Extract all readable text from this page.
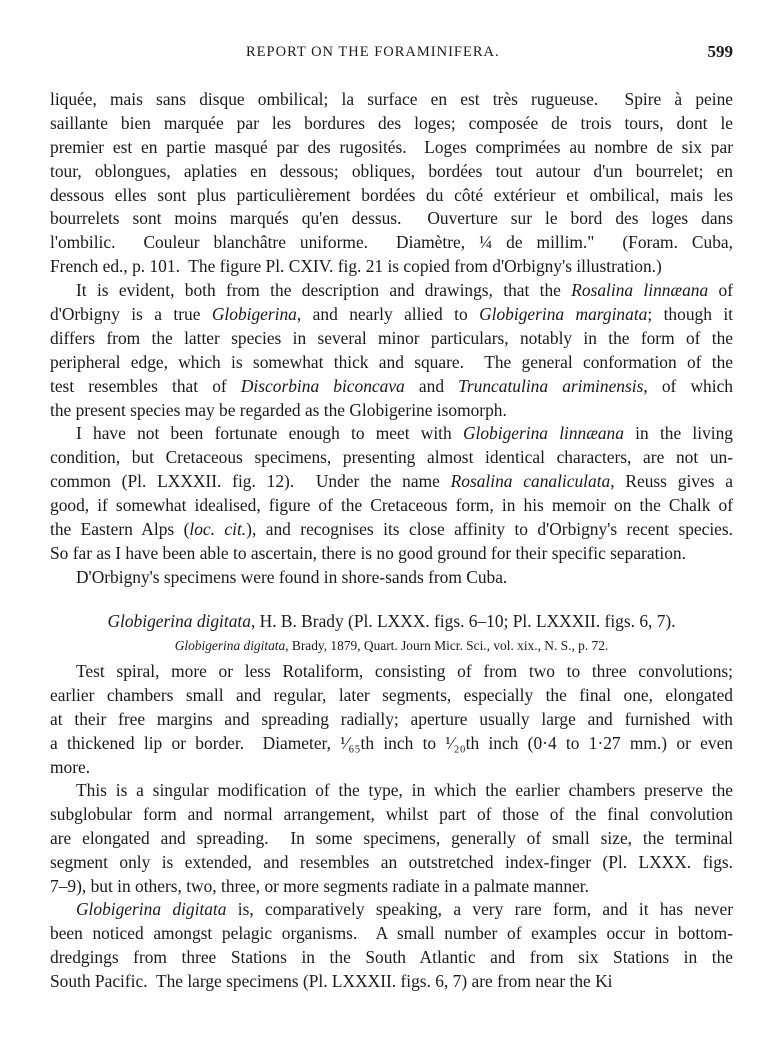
REPORT ON THE FORAMINIFERA.	599
liquée, mais sans disque ombilical; la surface en est très rugueuse.  Spire à peine
saillante bien marquée par les bordures des loges; composée de trois tours, dont le
premier est en partie masqué par des rugosités.  Loges comprimées au nombre de six par
tour, oblongues, aplaties en dessous; obliques, bordées tout autour d'un bourrelet; en
dessous elles sont plus particulièrement bordées du côté extérieur et ombilical, mais les
bourrelets sont moins marqués qu'en dessus.  Ouverture sur le bord des loges dans
l'ombilic.  Couleur blanchâtre uniforme.  Diamètre, ¼ de millim."  (Foram. Cuba,
French ed., p. 101.  The figure Pl. CXIV. fig. 21 is copied from d'Orbigny's illustration.)
It is evident, both from the description and drawings, that the Rosalina linnæana of
d'Orbigny is a true Globigerina, and nearly allied to Globigerina marginata; though it
differs from the latter species in several minor particulars, notably in the form of the
peripheral edge, which is somewhat thick and square.  The general conformation of the
test resembles that of Discorbina biconcava and Truncatulina ariminensis, of which
the present species may be regarded as the Globigerine isomorph.
I have not been fortunate enough to meet with Globigerina linnæana in the living
condition, but Cretaceous specimens, presenting almost identical characters, are not un-
common (Pl. LXXXII. fig. 12).  Under the name Rosalina canaliculata, Reuss gives a
good, if somewhat idealised, figure of the Cretaceous form, in his memoir on the Chalk of
the Eastern Alps (loc. cit.), and recognises its close affinity to d'Orbigny's recent species.
So far as I have been able to ascertain, there is no good ground for their specific separation.
D'Orbigny's specimens were found in shore-sands from Cuba.
Globigerina digitata, H. B. Brady (Pl. LXXX. figs. 6–10; Pl. LXXXII. figs. 6, 7).
Globigerina digitata, Brady, 1879, Quart. Journ Micr. Sci., vol. xix., N. S., p. 72.
Test spiral, more or less Rotaliform, consisting of from two to three convolutions;
earlier chambers small and regular, later segments, especially the final one, elongated
at their free margins and spreading radially; aperture usually large and furnished with
a thickened lip or border.  Diameter, ¹⁄₆₅th inch to ¹⁄₂₀th inch (0·4 to 1·27 mm.) or even
more.
This is a singular modification of the type, in which the earlier chambers preserve the
subglobular form and normal arrangement, whilst part of those of the final convolution
are elongated and spreading.  In some specimens, generally of small size, the terminal
segment only is extended, and resembles an outstretched index-finger (Pl. LXXX. figs.
7–9), but in others, two, three, or more segments radiate in a palmate manner.
Globigerina digitata is, comparatively speaking, a very rare form, and it has never
been noticed amongst pelagic organisms.  A small number of examples occur in bottom-
dredgings from three Stations in the South Atlantic and from six Stations in the
South Pacific.  The large specimens (Pl. LXXXII. figs. 6, 7) are from near the Ki
